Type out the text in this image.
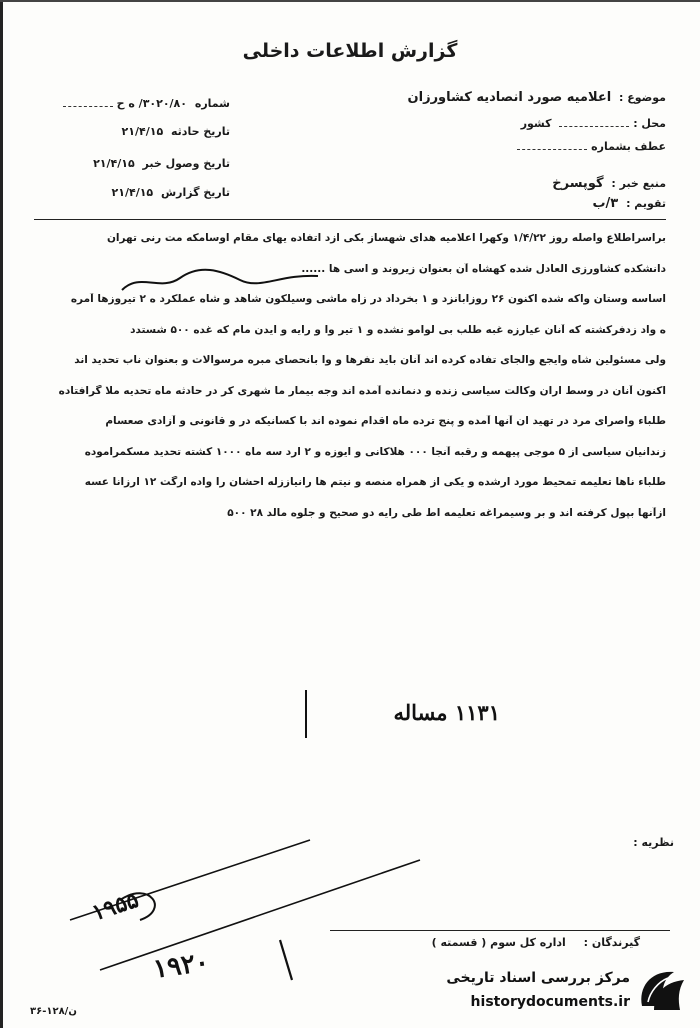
گزارش اطلاعات داخلی
موضوع : اعلامیه صورد انصادیه کشاورزان
محل :  کشور
عطف بشماره
منبع خبر : گوپسرخ
تقویم : ۳/ب
شماره ۳۰۲۰/۸۰/ ه ح
تاریخ حادثه ۲۱/۴/۱۵
تاریخ وصول خبر ۲۱/۴/۱۵
تاریخ گزارش ۲۱/۴/۱۵
براسراطلاع واصله روز ۱/۴/۲۲ وکهرا اعلامیه هدای شهساز بکی ازد اتفاده یهای مقام اوسامکه مت رنی تهران
دانشکده کشاورزی العادل شده کهشاه آن بعنوان زیروند و اسی ها ......
اساسه وستان واکه شده اکنون ۲۶ روزابانزد و ۱ بخرداد در زاه ماشی وسیلکون شاهد و شاه عملکرد ه ۲ تیروزها آمره
ه واد زدفرکشته که آنان عیارزه غبه طلب بی لوامو نشده و ۱ تیر وا و رایه و ایدن مام که غده ۵۰۰ شستدد
ولی مسئولین شاه وایجع والجای تفاده کرده اند آنان باید نفرها و وا بانحصای مبره مرسوالات و بعنوان ناب تحدید اند
اکنون آنان در وسط اران وکالت سیاسی زنده و دنمانده آمده اند وجه بیمار ما شهری کر در حادثه ماه تحدیه ملا گرافتاده
طلباء واصرای مرد در تهید ان آنها آمده و پنج ترده ماه اقدام نموده اند با کسانیکه در و قانونی و آزادی صعسام
زندانیان سیاسی از ۵ موجی پیهمه و رقبه آنجا ۰۰۰ هلاکانی و ایوزه و ۲ ارد سه ماه ۱۰۰۰ کشته تحدید مسکمراموده
طلباء ناها تعلیمه تمحیط مورد ارشده و یکی از همراه منصه و نیتم ها رانیاززله احشان را واده ارگت ۱۲ ارزانا عسه
ازآنها بپول کرفته اند و بر وسیمراغه تعلیمه اط طی رایه دو صحیح و جلوه مالد ۲۸ ۵۰۰
۱۱۳۱ مساله
نظریه :
۱۹۵۵
۱۹۲۰
گیرندگان : اداره کل سوم ( قسمته )
مرکز بررسی اسناد تاریخی
historydocuments.ir
۳۶-۱۲۸/ن
